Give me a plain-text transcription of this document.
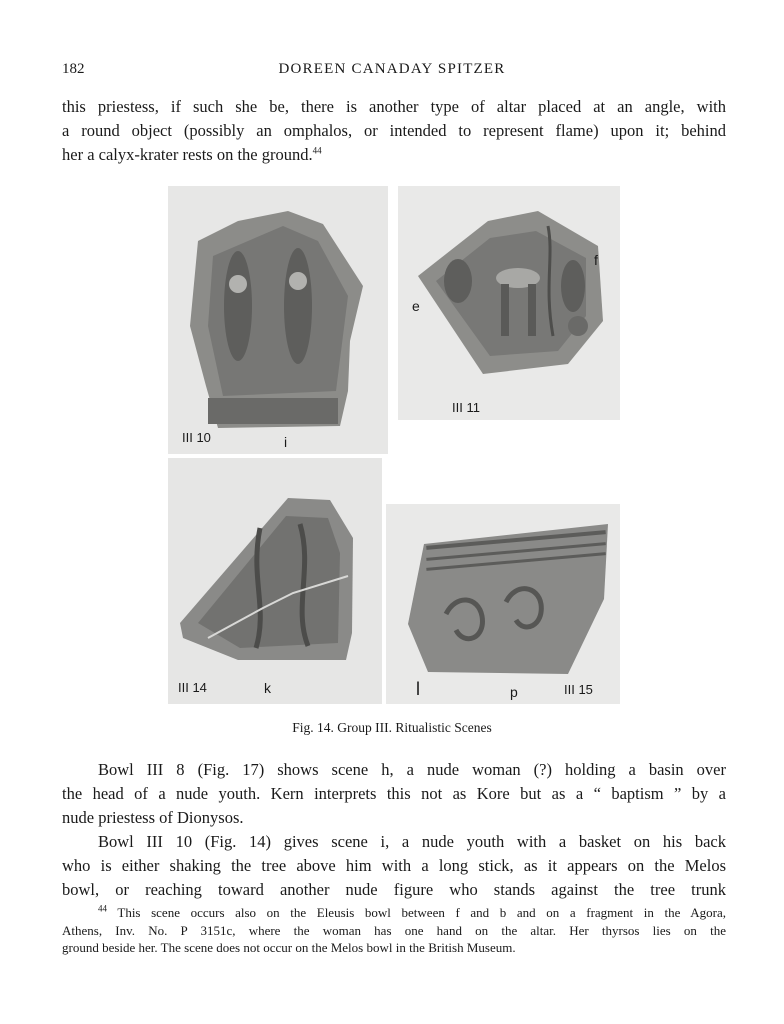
182	DOREEN CANADAY SPITZER
this priestess, if such she be, there is another type of altar placed at an angle, with
a round object (possibly an omphalos, or intended to represent flame) upon it; behind
her a calyx-krater rests on the ground.$^{44}$
III 10	i
e
f
III 11
III 14	k	l	p	III 15
Fig. 14. Group III. Ritualistic Scenes

Bowl III 8 (Fig. 17) shows scene h, a nude woman (?) holding a basin over
the head of a nude youth. Kern interprets this not as Kore but as a “ baptism ” by a
nude priestess of Dionysos.

Bowl III 10 (Fig. 14) gives scene i, a nude youth with a basket on his back
who is either shaking the tree above him with a long stick, as it appears on the Melos
bowl, or reaching toward another nude figure who stands against the tree trunk

$^{44}$ This scene occurs also on the Eleusis bowl between f and b and on a fragment in the Agora,
Athens, Inv. No. P 3151c, where the woman has one hand on the altar. Her thyrsos lies on the
ground beside her. The scene does not occur on the Melos bowl in the British Museum.
